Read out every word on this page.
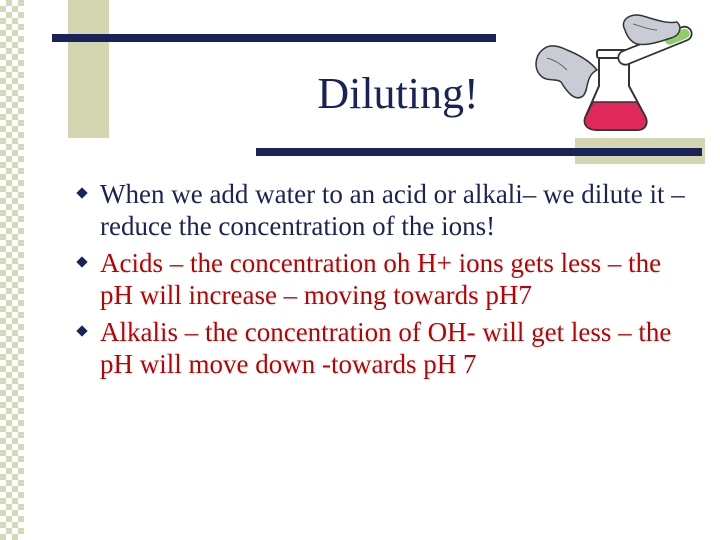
Diluting!
When we add water to an acid or alkali– we dilute it – reduce the concentration of the ions!
Acids – the concentration oh H+ ions gets less – the pH will increase – moving towards pH7
Alkalis – the concentration of OH- will get less – the pH will move down -towards pH 7
